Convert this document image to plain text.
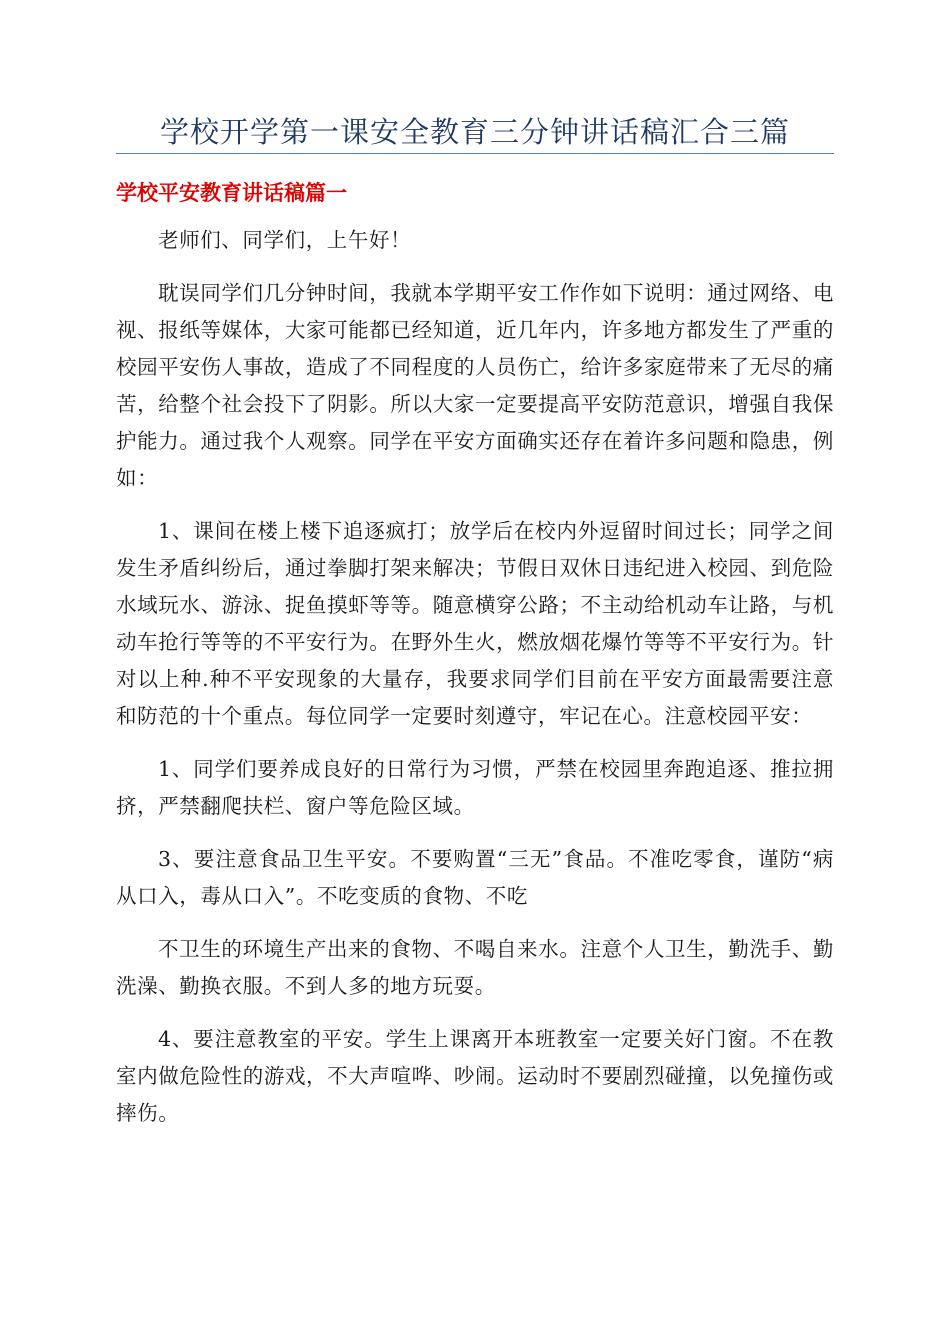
学校开学第一课安全教育三分钟讲话稿汇合三篇
学校平安教育讲话稿篇一

老师们、同学们，上午好！

耽误同学们几分钟时间，我就本学期平安工作作如下说明：通过网络、电视、报纸等媒体，大家可能都已经知道，近几年内，许多地方都发生了严重的校园平安伤人事故，造成了不同程度的人员伤亡，给许多家庭带来了无尽的痛苦，给整个社会投下了阴影。所以大家一定要提高平安防范意识，增强自我保护能力。通过我个人观察。同学在平安方面确实还存在着许多问题和隐患，例如：

1、课间在楼上楼下追逐疯打；放学后在校内外逗留时间过长；同学之间发生矛盾纠纷后，通过拳脚打架来解决；节假日双休日违纪进入校园、到危险水域玩水、游泳、捉鱼摸虾等等。随意横穿公路；不主动给机动车让路，与机动车抢行等等的不平安行为。在野外生火，燃放烟花爆竹等等不平安行为。针对以上种.种不平安现象的大量存，我要求同学们目前在平安方面最需要注意和防范的十个重点。每位同学一定要时刻遵守，牢记在心。注意校园平安：

1、同学们要养成良好的日常行为习惯，严禁在校园里奔跑追逐、推拉拥挤，严禁翻爬扶栏、窗户等危险区域。

3、要注意食品卫生平安。不要购置“三无”食品。不准吃零食，谨防“病从口入，毒从口入”。不吃变质的食物、不吃

不卫生的环境生产出来的食物、不喝自来水。注意个人卫生，勤洗手、勤洗澡、勤换衣服。不到人多的地方玩耍。

4、要注意教室的平安。学生上课离开本班教室一定要关好门窗。不在教室内做危险性的游戏，不大声喧哗、吵闹。运动时不要剧烈碰撞，以免撞伤或摔伤。
